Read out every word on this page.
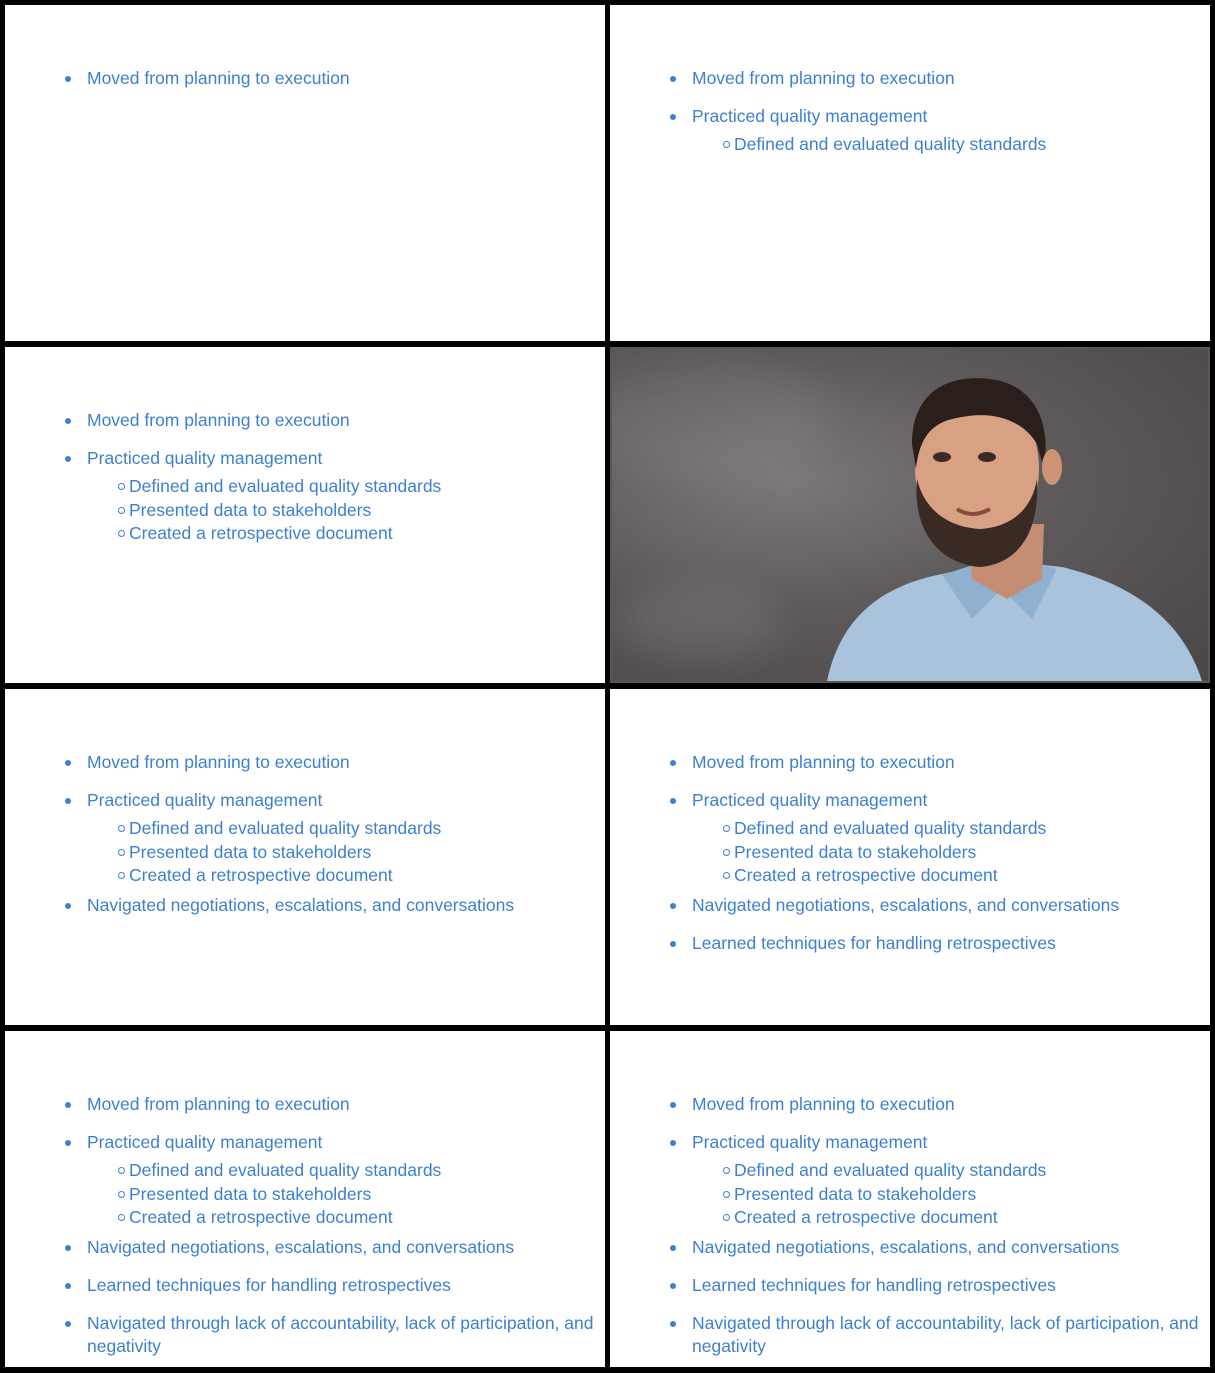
Moved from planning to execution	Moved from planning to execution
Practiced quality management
Defined and evaluated quality standards
Moved from planning to execution
Practiced quality management
Defined and evaluated quality standards
Presented data to stakeholders
Created a retrospective document
Moved from planning to execution
Practiced quality management
Defined and evaluated quality standards
Presented data to stakeholders
Created a retrospective document
Navigated negotiations, escalations, and conversations
Moved from planning to execution
Practiced quality management
Defined and evaluated quality standards
Presented data to stakeholders
Created a retrospective document
Navigated negotiations, escalations, and conversations
Learned techniques for handling retrospectives
Moved from planning to execution
Practiced quality management
Defined and evaluated quality standards
Presented data to stakeholders
Created a retrospective document
Navigated negotiations, escalations, and conversations
Learned techniques for handling retrospectives
Navigated through lack of accountability, lack of participation, and negativity
Moved from planning to execution
Practiced quality management
Defined and evaluated quality standards
Presented data to stakeholders
Created a retrospective document
Navigated negotiations, escalations, and conversations
Learned techniques for handling retrospectives
Navigated through lack of accountability, lack of participation, and negativity
